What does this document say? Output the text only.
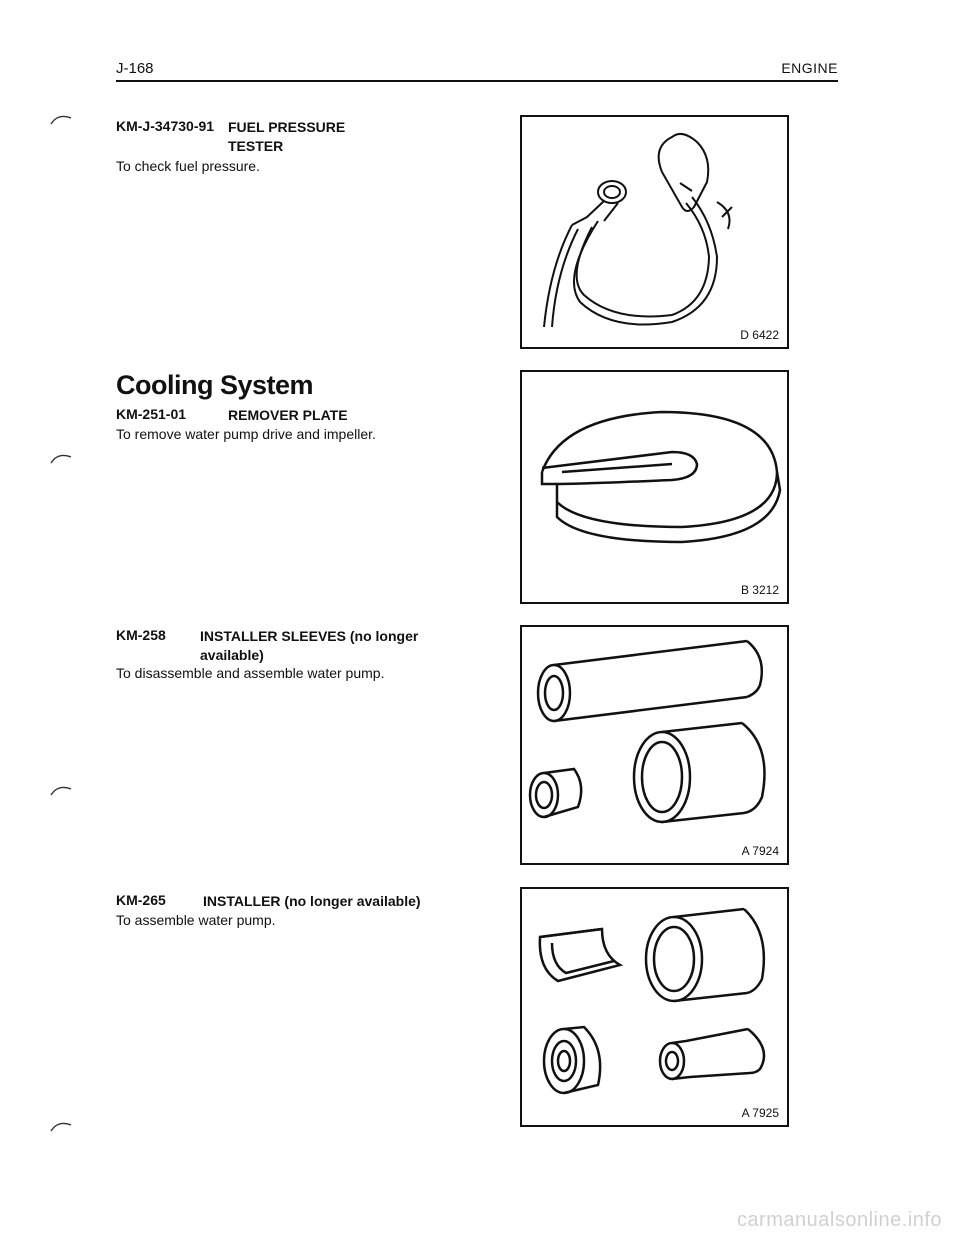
J-168	ENGINE
KM-J-34730-91 FUEL PRESSURE TESTER
To check fuel pressure.
Cooling System
KM-251-01	REMOVER PLATE
To remove water pump drive and impeller.
KM-258 INSTALLER SLEEVES (no longer available)
To disassemble and assemble water pump.
KM-265	INSTALLER (no longer available)
To assemble water pump.
D 6422
B 3212
A 7924
A 7925
carmanualsonline.info
